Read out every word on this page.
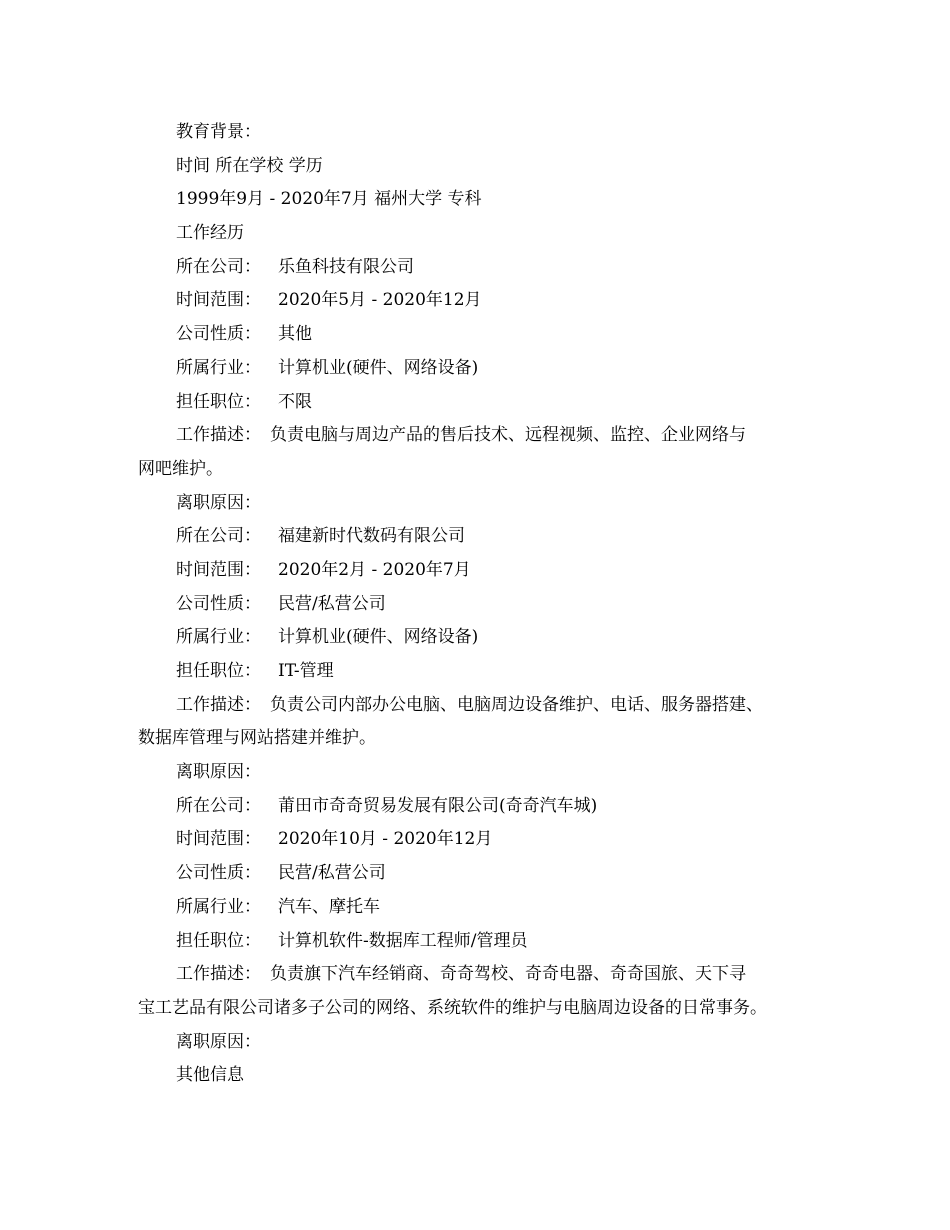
教育背景：
时间 所在学校 学历
1999年9月 - 2020年7月 福州大学 专科
工作经历
所在公司： 乐鱼科技有限公司
时间范围： 2020年5月 - 2020年12月
公司性质： 其他
所属行业： 计算机业(硬件、网络设备)
担任职位： 不限
工作描述： 负责电脑与周边产品的售后技术、远程视频、监控、企业网络与
网吧维护。
离职原因：
所在公司： 福建新时代数码有限公司
时间范围： 2020年2月 - 2020年7月
公司性质： 民营/私营公司
所属行业： 计算机业(硬件、网络设备)
担任职位： IT-管理
工作描述： 负责公司内部办公电脑、电脑周边设备维护、电话、服务器搭建、
数据库管理与网站搭建并维护。
离职原因：
所在公司： 莆田市奇奇贸易发展有限公司(奇奇汽车城)
时间范围： 2020年10月 - 2020年12月
公司性质： 民营/私营公司
所属行业： 汽车、摩托车
担任职位： 计算机软件-数据库工程师/管理员
工作描述： 负责旗下汽车经销商、奇奇驾校、奇奇电器、奇奇国旅、天下寻
宝工艺品有限公司诸多子公司的网络、系统软件的维护与电脑周边设备的日常事务。
离职原因：
其他信息
